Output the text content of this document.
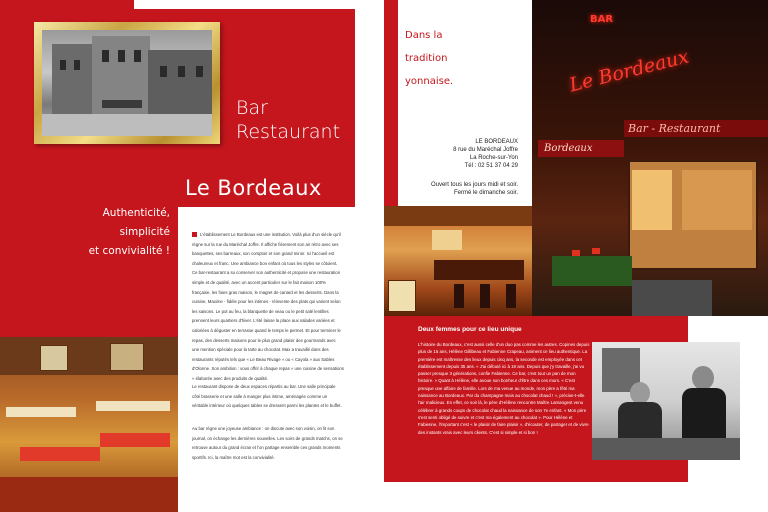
Bar
Restaurant
Le Bordeaux
Authenticité,
simplicité
et convivialité !
L'établissement Le Bordeaux est une institution. Voilà plus d'un siècle qu'il règne sur la rue du Maréchal Joffre. Il affiche fièrement son air rétro avec ses banquettes, ses barreaux, son comptoir et son grand miroir. Ici l'accueil est chaleureux et franc. Une ambiance bon enfant où tous les styles se côtoient. Ce bar-restaurant a su conserver son authenticité et propose une restauration simple et de qualité, avec un accent particulier sur le fait maison 100% française, les foies gras maison, le magret de canard et les desserts. Dans la cuisine, Maxime - fidèle pour les intimes - réinvente des plats qui varient selon les saisons. Le pot au feu, la blanquette de veau ou le petit salé lentilles prennent leurs quartiers d'hiver. L'été laisse la place aux salades variées et caloriées à déguster en terrasse quand le temps le permet. Et pour terminer le repas, des desserts maisons pour le plus grand plaisir des gourmands avec une mention spéciale pour la tarte au chocolat. Max a travaillé dans des restaurants réputés tels que « Le Beau Rivage » ou « Cayola » aux Sables d'Olonne. Son ambition : vous offrir à chaque repas « une cuisine de sensations » élaborée avec des produits de qualité.
Le restaurant dispose de deux espaces répartis au bar. Une salle principale côté brasserie et une salle à manger plus intime, aménagée comme un véritable intérieur où quelques tables se dressent parmi les plantes et le buffet.
Au bar règne une joyeuse ambiance : on discute avec son voisin, on lit son journal, on échange les dernières nouvelles. Les soirs de grands matchs, on se retrouve autour du grand écran et l'on partage ensemble ces grands moments sportifs. Ici, la maître mot est la convivialité.
Dans la
tradition
yonnaise.
LE BORDEAUX
8 rue du Maréchal Joffre
La Roche-sur-Yon
Tél : 02 51 37 04 29
Ouvert tous les jours midi et soir.
Fermé le dimanche soir.
BAR
Le Bordeaux
Bar - Restaurant
Bordeaux
Deux femmes pour ce lieu unique
L'histoire du Bordeaux, c'est aussi celle d'un duo pas comme les autres. Copines depuis plus de 15 ans, Hélène Gillibeau et Fabienne Crapeau, animent ce lieu authentique. La première est maîtresse des lieux depuis cinq ans, la seconde est employée dans cet établissement depuis 35 ans. « J'ai débuté ici à 19 ans. Depuis que j'y travaille, j'ai vu passer presque 3 générations, confie Fabienne. Ce bar, c'est tout un pan de mon histoire. » Quant à Hélène, elle avoue son bonheur d'être dans ces murs. « C'est presque une affaire de famille. Lors de ma venue au monde, mon père a fêté ma naissance au Bordeaux. Par du champagne mais au chocolat chaud ! », précise-t-elle l'air malicieux. En effet, ce soir là, le père d'Hélène rencontre Maître Lamangest venu célébrer à grands coups de chocolat chaud la naissance de son 7e enfant. « Mon père s'est senti obligé de suivre et c'est ma également au chocolat ». Pour Hélène et Fabienne, l'important c'est « le plaisir de faire plaisir », d'écouter, de partager et de vivre des instants vrais avec leurs clients. C'est si simple et si bon !
